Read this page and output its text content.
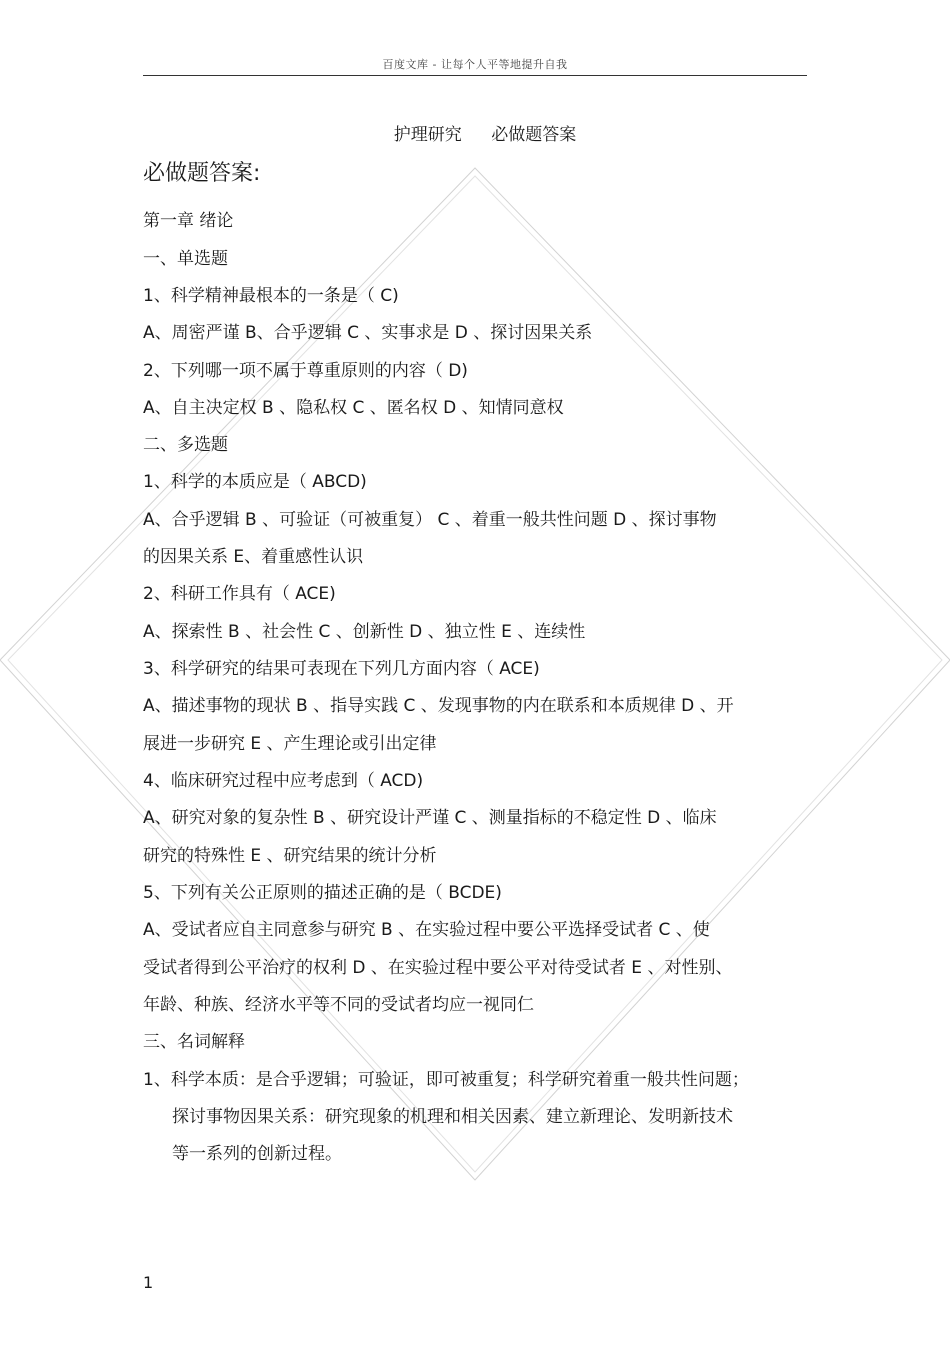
百度文库 - 让每个人平等地提升自我
护理研究 必做题答案
必做题答案:
第一章 绪论
一、单选题
1、科学精神最根本的一条是（ C)
A、周密严谨 B、合乎逻辑 C 、实事求是 D 、探讨因果关系
2、下列哪一项不属于尊重原则的内容（ D)
A、自主决定权 B 、隐私权 C 、匿名权 D 、知情同意权
二、多选题
1、科学的本质应是（ ABCD)
A、合乎逻辑 B 、可验证（可被重复） C 、着重一般共性问题 D 、探讨事物
的因果关系 E、着重感性认识
2、科研工作具有（ ACE)
A、探索性 B 、社会性 C 、创新性 D 、独立性 E 、连续性
3、科学研究的结果可表现在下列几方面内容（ ACE)
A、描述事物的现状 B 、指导实践 C 、发现事物的内在联系和本质规律 D 、开
展进一步研究 E 、产生理论或引出定律
4、临床研究过程中应考虑到（ ACD)
A、研究对象的复杂性 B 、研究设计严谨 C 、测量指标的不稳定性 D 、临床
研究的特殊性 E 、研究结果的统计分析
5、下列有关公正原则的描述正确的是（ BCDE)
A、受试者应自主同意参与研究 B 、在实验过程中要公平选择受试者 C 、使
受试者得到公平治疗的权利 D 、在实验过程中要公平对待受试者 E 、对性别、
年龄、种族、经济水平等不同的受试者均应一视同仁
三、名词解释
1、科学本质：是合乎逻辑；可验证，即可被重复；科学研究着重一般共性问题；
探讨事物因果关系：研究现象的机理和相关因素、建立新理论、发明新技术
等一系列的创新过程。
1
